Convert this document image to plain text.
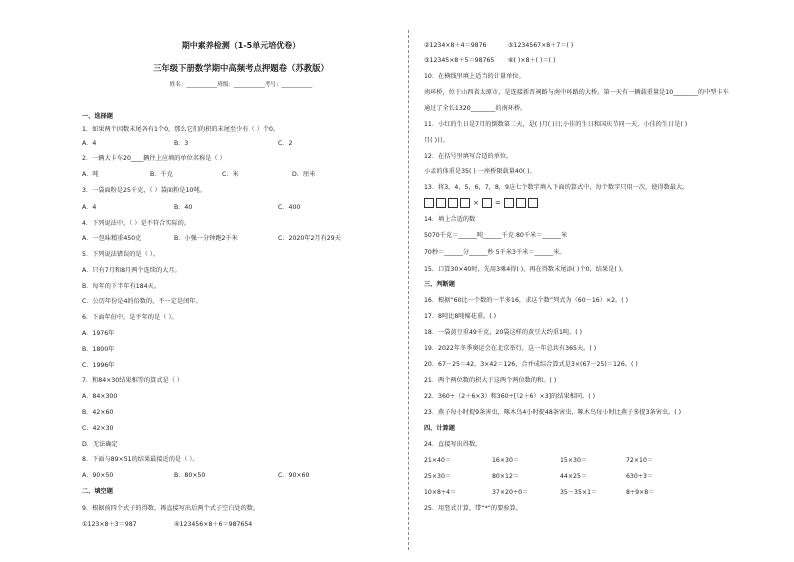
期中素养检测（1-5单元培优卷）
三年级下册数学期中高频考点押题卷（苏教版）
姓名：___________班级：___________考号：___________
一、选择题
1．如果两个因数末尾各有1个0，那么它们的积的末尾至少有（ ）个0。
A．4	B．3	C．2
2．一辆大卡车20____辆往上应填的单位名称是（ ）
A．吨	B．千克	C．米	D．厘米
3．一袋面粉是25千克，（ ）袋面粉是10吨。
A．4	B．40	C．400
4．下列说法中，（ ）是不符合实际的。
A．一包味精重450克	B．小强一分钟跑2千米	C．2020年2月有29天
5．下列说法错误的是（ ）。
A．只有7月和8月两个连续的大月。
B．每年的下半年有184天。
C．公历年份是4的倍数的，不一定是闰年。
6．下面年份中，是平年的是（ ）。
A．1976年
B．1800年
C．1996年
7．和84×30结果相等的算式是（ ）
A．84×300
B．42×60
C．42×30
D．无法确定
8．下面与89×51的结果最接近的是（ ）。
A．90×50	B．80×50	C．90×60
二、填空题
9．根据前四个式子的得数，再直接写出后两个式子空白处的数。
①123×8＋3＝987	④123456×8＋6＝987654
②1234×8＋4＝9876	⑤1234567×8＋7＝( )
③12345×8＋5＝98765 ⑥( )×8＋( )＝( )
10．在横线里填上适当的计量单位。
南环桥，位于山西省太原市，是连接新晋祠路与南中环路的大桥。第一天有一辆载重量是10________的中型卡车
通过了全长1320________的南环桥。
11．小红的生日是7月的倒数第二天，是( )月( )日;小佳的生日和国庆节同一天，小佳的生日是( )
月( )日。
12．在括号里填写合适的单位。
小孟的体重是35( ) 一座桥限载量40( )。
13．将3，4，5，6，7，8，9这七个数字填入下面的算式中，每个数字只用一次，使得数最大。
× =
14．填上合适的数
5070千克＝______吨______千克 80千米＝______米
70秒＝______分______秒 5千米3千米＝______米。
15．口算30×40时，先用3乘4得( )，再在得数末尾添( )个0，结果是( )。
三、判断题
16．根据“60比一个数的一半多16，求这个数”列式为（60－16）×2。( )
17．8吨比8吨棉花重。( )
18．一袋黄豆重49千克，20袋这样的黄豆大约重1吨。( )
19．2022年冬季奥运会在北京举行，这一年总共有365天。( )
20．67－25＝42，3×42＝126，合并成综合算式是3×(67－25)＝126。( )
21．两个两位数的积大于这两个两位数的和。( )
22．360÷（2＋6×3）和360÷[（2＋6）×3]的结果相同。( )
23．燕子每小时捉9条害虫，啄木鸟4小时捉48条害虫，啄木鸟每小时比燕子多捉3条害虫。( )
四、计算题
24．直接写出得数。
21×40＝	16×30＝	15×30＝	72×10＝
25×30＝	80×12＝	44×25＝	630÷3＝
10×8÷4＝	37×20÷0＝	35－35×1＝	8÷9×8＝
25．用竖式计算，带“*”的要验算。
